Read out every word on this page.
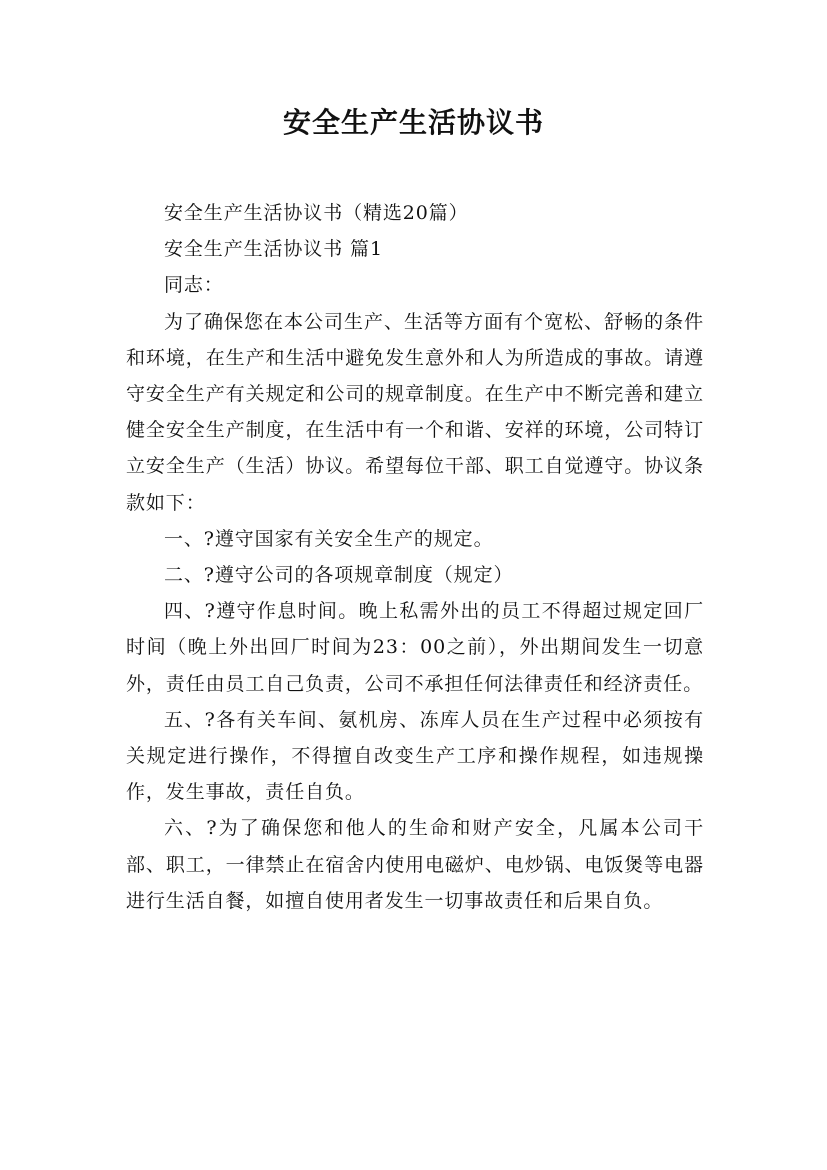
安全生产生活协议书

安全生产生活协议书（精选20篇）

安全生产生活协议书 篇1

同志：

为了确保您在本公司生产、生活等方面有个宽松、舒畅的条件和环境，在生产和生活中避免发生意外和人为所造成的事故。请遵守安全生产有关规定和公司的规章制度。在生产中不断完善和建立健全安全生产制度，在生活中有一个和谐、安祥的环境，公司特订立安全生产（生活）协议。希望每位干部、职工自觉遵守。协议条款如下：

一、?遵守国家有关安全生产的规定。

二、?遵守公司的各项规章制度（规定）

四、?遵守作息时间。晚上私需外出的员工不得超过规定回厂时间（晚上外出回厂时间为23：00之前），外出期间发生一切意外，责任由员工自己负责，公司不承担任何法律责任和经济责任。

五、?各有关车间、氨机房、冻库人员在生产过程中必须按有关规定进行操作，不得擅自改变生产工序和操作规程，如违规操作，发生事故，责任自负。

六、?为了确保您和他人的生命和财产安全，凡属本公司干部、职工，一律禁止在宿舍内使用电磁炉、电炒锅、电饭煲等电器进行生活自餐，如擅自使用者发生一切事故责任和后果自负。
